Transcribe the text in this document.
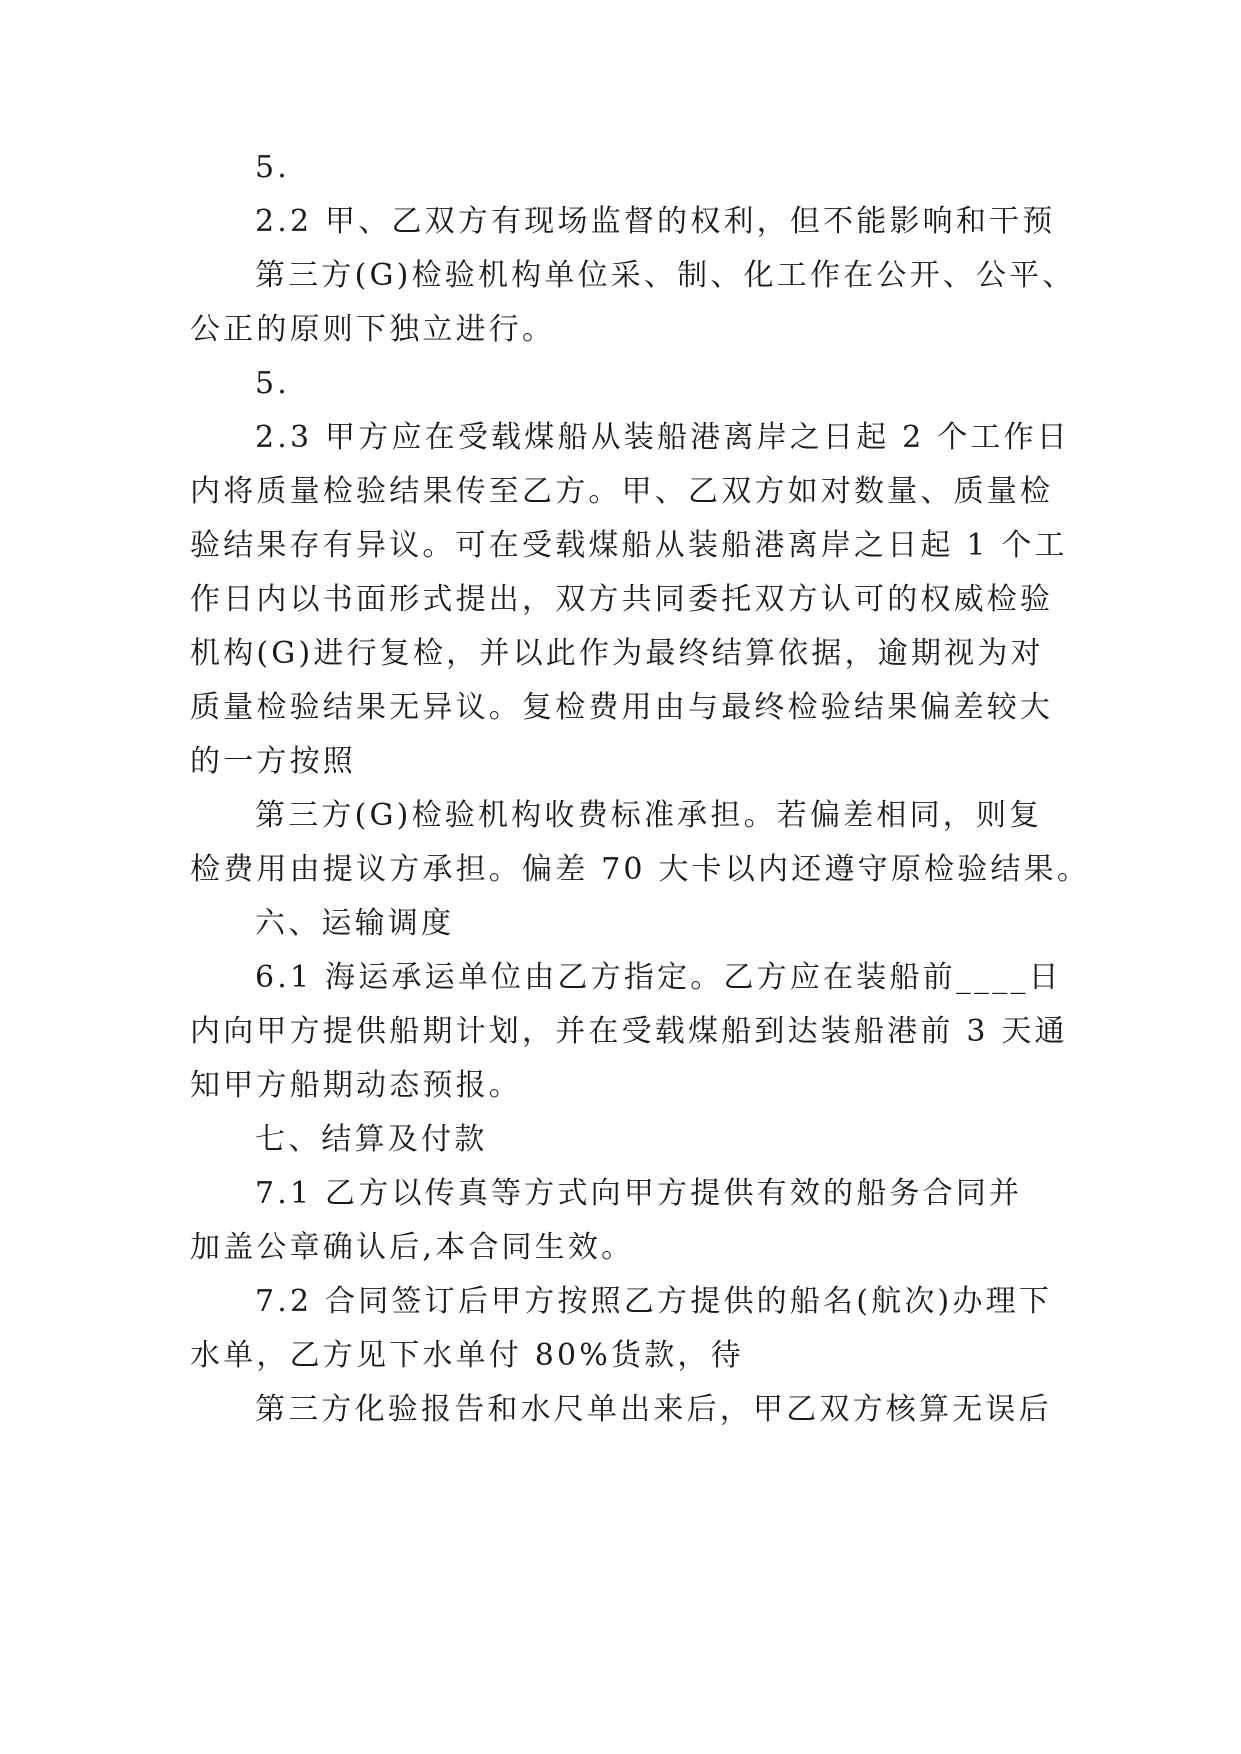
5.
2.2 甲、乙双方有现场监督的权利，但不能影响和干预
第三方(G)检验机构单位采、制、化工作在公开、公平、
公正的原则下独立进行。
5.
2.3 甲方应在受载煤船从装船港离岸之日起 2 个工作日
内将质量检验结果传至乙方。甲、乙双方如对数量、质量检
验结果存有异议。可在受载煤船从装船港离岸之日起 1 个工
作日内以书面形式提出，双方共同委托双方认可的权威检验
机构(G)进行复检，并以此作为最终结算依据，逾期视为对
质量检验结果无异议。复检费用由与最终检验结果偏差较大
的一方按照
第三方(G)检验机构收费标准承担。若偏差相同，则复
检费用由提议方承担。偏差 70 大卡以内还遵守原检验结果。
六、运输调度
6.1 海运承运单位由乙方指定。乙方应在装船前____日
内向甲方提供船期计划，并在受载煤船到达装船港前 3 天通
知甲方船期动态预报。
七、结算及付款
7.1 乙方以传真等方式向甲方提供有效的船务合同并
加盖公章确认后,本合同生效。
7.2 合同签订后甲方按照乙方提供的船名(航次)办理下
水单，乙方见下水单付 80%货款，待
第三方化验报告和水尺单出来后，甲乙双方核算无误后
